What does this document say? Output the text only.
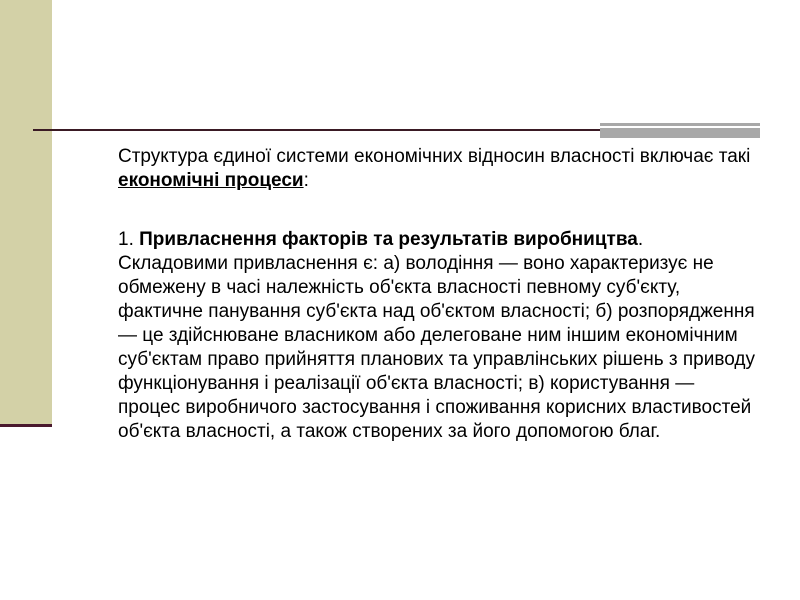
Структура єдиної системи економічних відносин власності включає такі економічні процеси:

1. Привласнення факторів та результатів виробництва. Складовими привласнення є: а) володіння — воно характеризує не обмежену в часі належність об'єкта власності певному суб'єкту, фактичне панування суб'єкта над об'єктом власності; б) розпорядження — це здійснюване власником або делеговане ним іншим економічним суб'єктам право прийняття планових та управлінських рішень з приводу функціонування і реалізації об'єкта власності; в) користування — процес виробничого застосування і споживання корисних властивостей об'єкта власності, а також створених за його допомогою благ.
